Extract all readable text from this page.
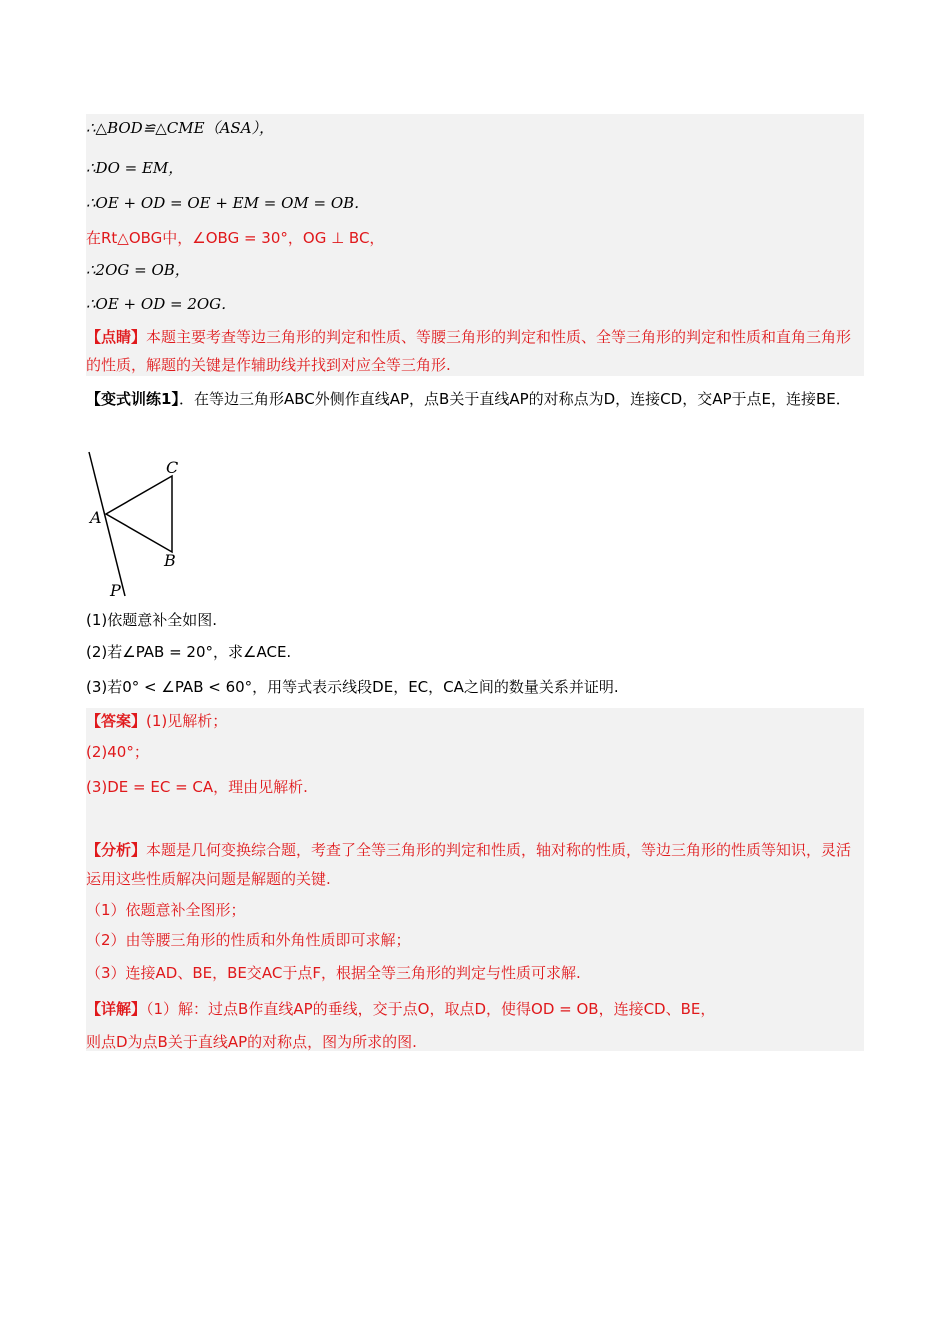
∴△BOD≌△CME（ASA），
∴DO = EM，
∴OE + OD = OE + EM = OM = OB．
在Rt△OBG中，∠OBG = 30°，OG ⊥ BC，
∴2OG = OB，
∴OE + OD = 2OG．
【点睛】本题主要考查等边三角形的判定和性质、等腰三角形的判定和性质、全等三角形的判定和性质和直角三角形的性质，解题的关键是作辅助线并找到对应全等三角形.
【变式训练1】．在等边三角形ABC外侧作直线AP，点B关于直线AP的对称点为D，连接CD，交AP于点E，连接BE．
C
A
B
P
(1)依题意补全如图.
(2)若∠PAB = 20°，求∠ACE.
(3)若0° < ∠PAB < 60°，用等式表示线段DE，EC，CA之间的数量关系并证明.
【答案】(1)见解析；
(2)40°；
(3)DE = EC = CA，理由见解析.
【分析】本题是几何变换综合题，考查了全等三角形的判定和性质，轴对称的性质，等边三角形的性质等知识，灵活运用这些性质解决问题是解题的关键.
（1）依题意补全图形；
（2）由等腰三角形的性质和外角性质即可求解；
（3）连接AD、BE，BE交AC于点F，根据全等三角形的判定与性质可求解.
【详解】（1）解：过点B作直线AP的垂线，交于点O，取点D，使得OD = OB，连接CD、BE，
则点D为点B关于直线AP的对称点，图为所求的图.
